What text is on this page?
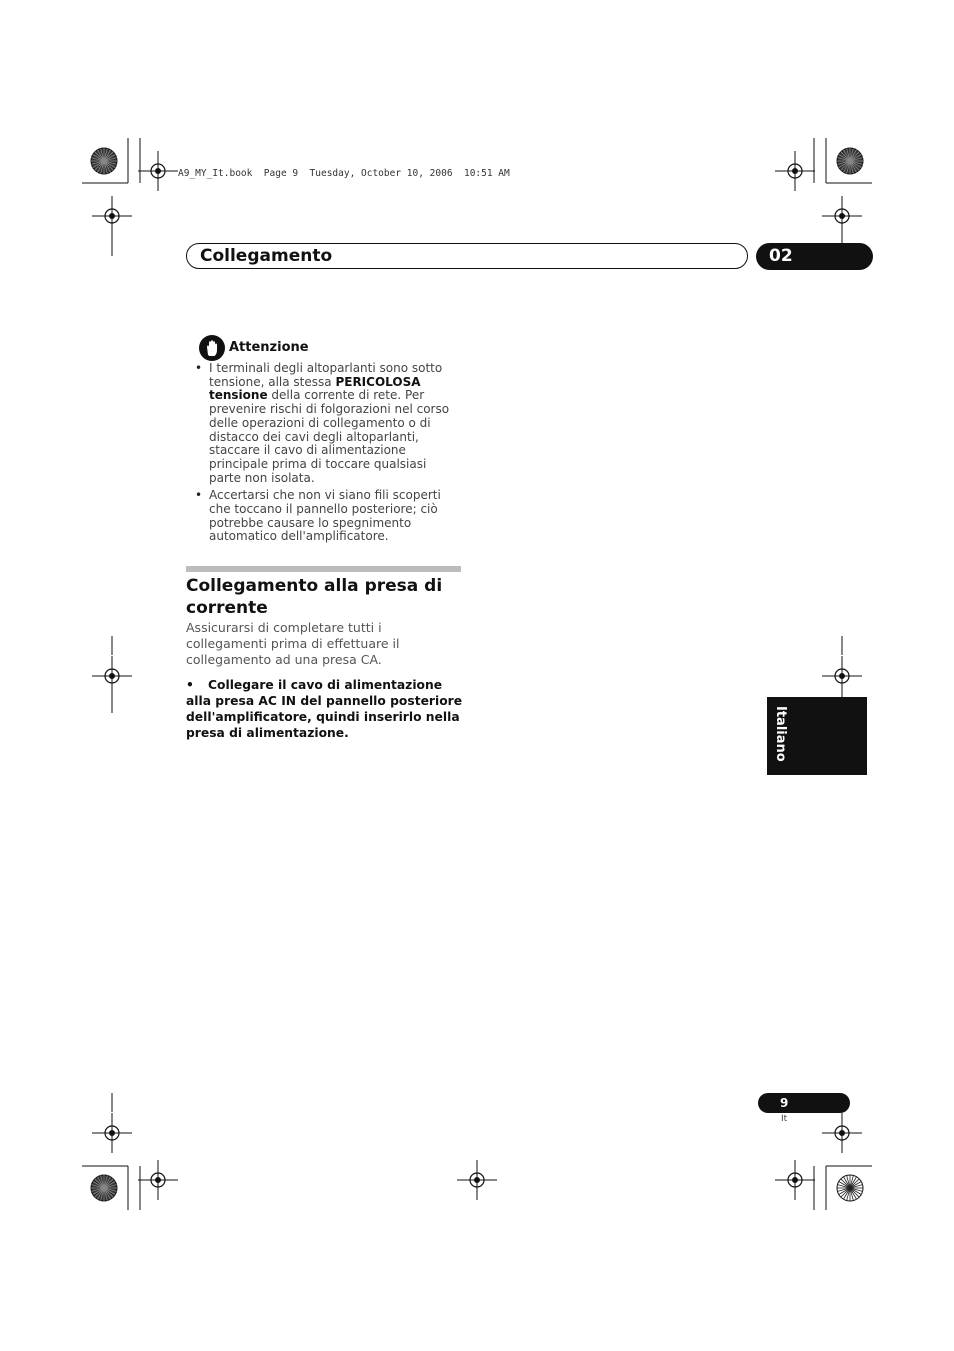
A9_MY_It.book  Page 9  Tuesday, October 10, 2006  10:51 AM
Collegamento	02
Attenzione
• I terminali degli altoparlanti sono sotto tensione, alla stessa PERICOLOSA tensione della corrente di rete. Per prevenire rischi di folgorazioni nel corso delle operazioni di collegamento o di distacco dei cavi degli altoparlanti, staccare il cavo di alimentazione principale prima di toccare qualsiasi parte non isolata.
• Accertarsi che non vi siano fili scoperti che toccano il pannello posteriore; ciò potrebbe causare lo spegnimento automatico dell'amplificatore.
Collegamento alla presa di corrente
Assicurarsi di completare tutti i collegamenti prima di effettuare il collegamento ad una presa CA.
• Collegare il cavo di alimentazione alla presa AC IN del pannello posteriore dell'amplificatore, quindi inserirlo nella presa di alimentazione.	Italiano
9
It
